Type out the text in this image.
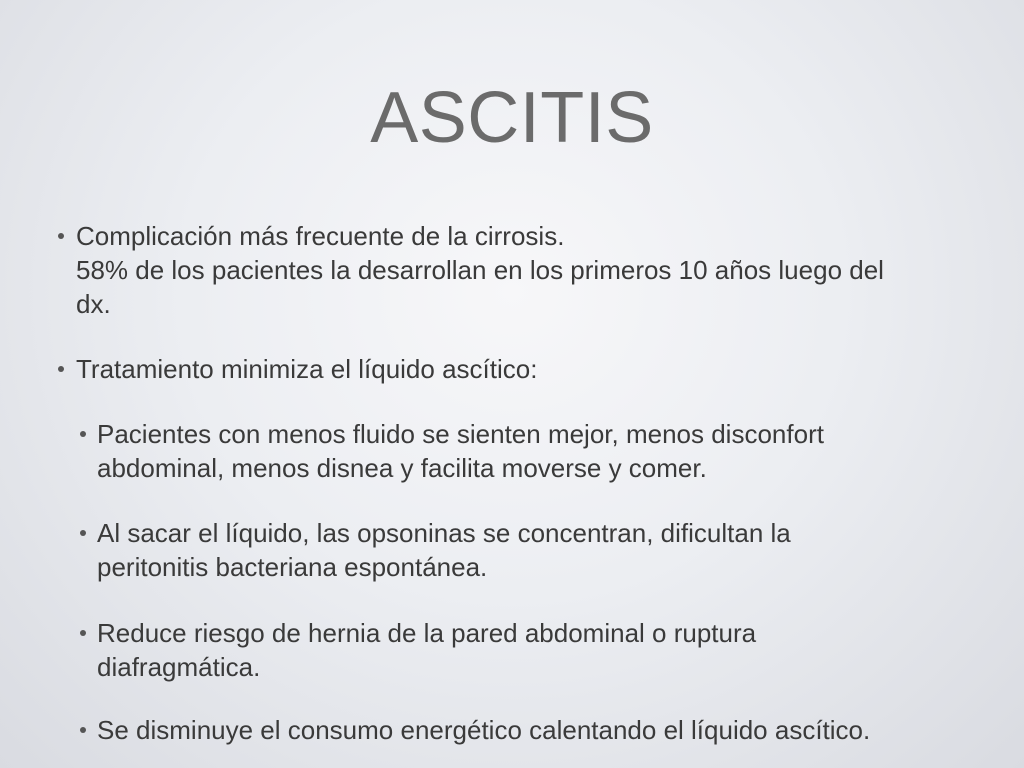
ASCITIS
Complicación más frecuente de la cirrosis.
58% de los pacientes la desarrollan en los primeros 10 años luego del
dx.
Tratamiento minimiza el líquido ascítico:
Pacientes con menos fluido se sienten mejor, menos disconfort
abdominal, menos disnea y facilita moverse y comer.
Al sacar el líquido, las opsoninas se concentran, dificultan la
peritonitis bacteriana espontánea.
Reduce riesgo de hernia de la pared abdominal o ruptura
diafragmática.
Se disminuye el consumo energético calentando el líquido ascítico.
